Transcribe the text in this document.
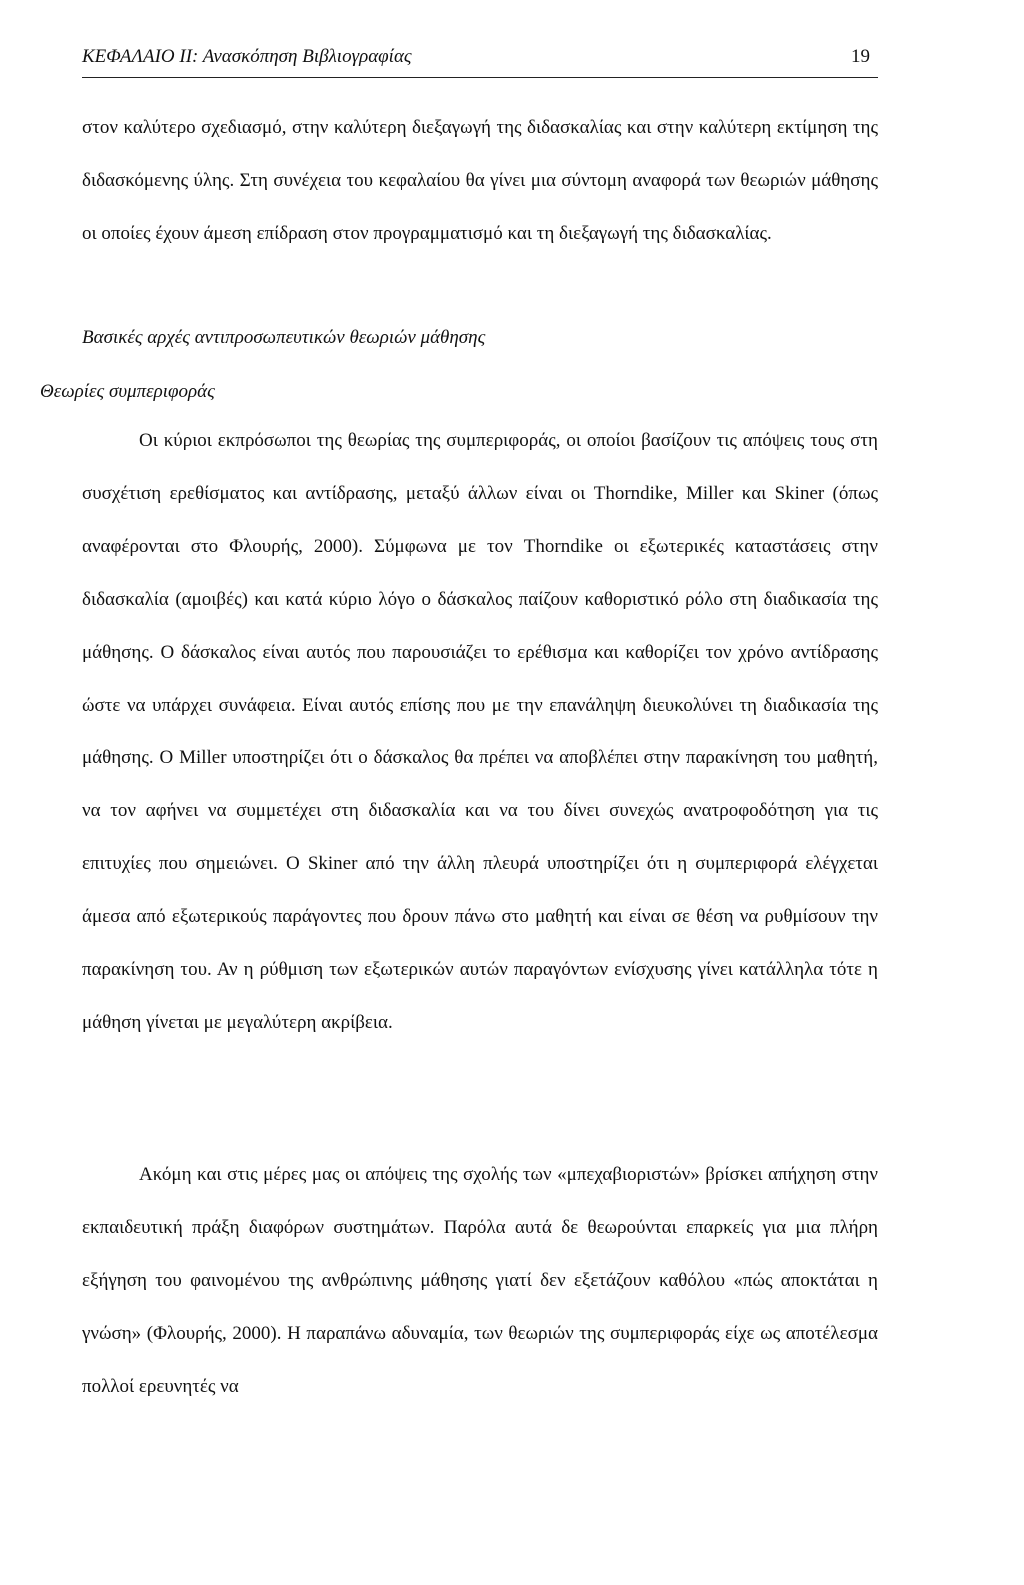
ΚΕΦΑΛΑΙΟ ΙΙ: Ανασκόπηση Βιβλιογραφίας	19

στον καλύτερο σχεδιασμό, στην καλύτερη διεξαγωγή της διδασκαλίας και στην καλύτερη εκτίμηση της διδασκόμενης ύλης. Στη συνέχεια του κεφαλαίου θα γίνει μια σύντομη αναφορά των θεωριών μάθησης οι οποίες έχουν άμεση επίδραση στον προγραμματισμό και τη διεξαγωγή της διδασκαλίας.

Βασικές αρχές αντιπροσωπευτικών θεωριών μάθησης
Θεωρίες συμπεριφοράς

Οι κύριοι εκπρόσωποι της θεωρίας της συμπεριφοράς, οι οποίοι βασίζουν τις απόψεις τους στη συσχέτιση ερεθίσματος και αντίδρασης, μεταξύ άλλων είναι οι Thorndike, Miller και Skiner (όπως αναφέρονται στο Φλουρής, 2000). Σύμφωνα με τον Thorndike οι εξωτερικές καταστάσεις στην διδασκαλία (αμοιβές) και κατά κύριο λόγο ο δάσκαλος παίζουν καθοριστικό ρόλο στη διαδικασία της μάθησης. Ο δάσκαλος είναι αυτός που παρουσιάζει το ερέθισμα και καθορίζει τον χρόνο αντίδρασης ώστε να υπάρχει συνάφεια. Είναι αυτός επίσης που με την επανάληψη διευκολύνει τη διαδικασία της μάθησης. Ο Miller υποστηρίζει ότι ο δάσκαλος θα πρέπει να αποβλέπει στην παρακίνηση του μαθητή, να τον αφήνει να συμμετέχει στη διδασκαλία και να του δίνει συνεχώς ανατροφοδότηση για τις επιτυχίες που σημειώνει. Ο Skiner από την άλλη πλευρά υποστηρίζει ότι η συμπεριφορά ελέγχεται άμεσα από εξωτερικούς παράγοντες που δρουν πάνω στο μαθητή και είναι σε θέση να ρυθμίσουν την παρακίνηση του. Αν η ρύθμιση των εξωτερικών αυτών παραγόντων ενίσχυσης γίνει κατάλληλα τότε η μάθηση γίνεται με μεγαλύτερη ακρίβεια.

Ακόμη και στις μέρες μας οι απόψεις της σχολής των «μπεχαβιοριστών» βρίσκει απήχηση στην εκπαιδευτική πράξη διαφόρων συστημάτων. Παρόλα αυτά δε θεωρούνται επαρκείς για μια πλήρη εξήγηση του φαινομένου της ανθρώπινης μάθησης γιατί δεν εξετάζουν καθόλου «πώς αποκτάται η γνώση» (Φλουρής, 2000). Η παραπάνω αδυναμία, των θεωριών της συμπεριφοράς είχε ως αποτέλεσμα πολλοί ερευνητές να
